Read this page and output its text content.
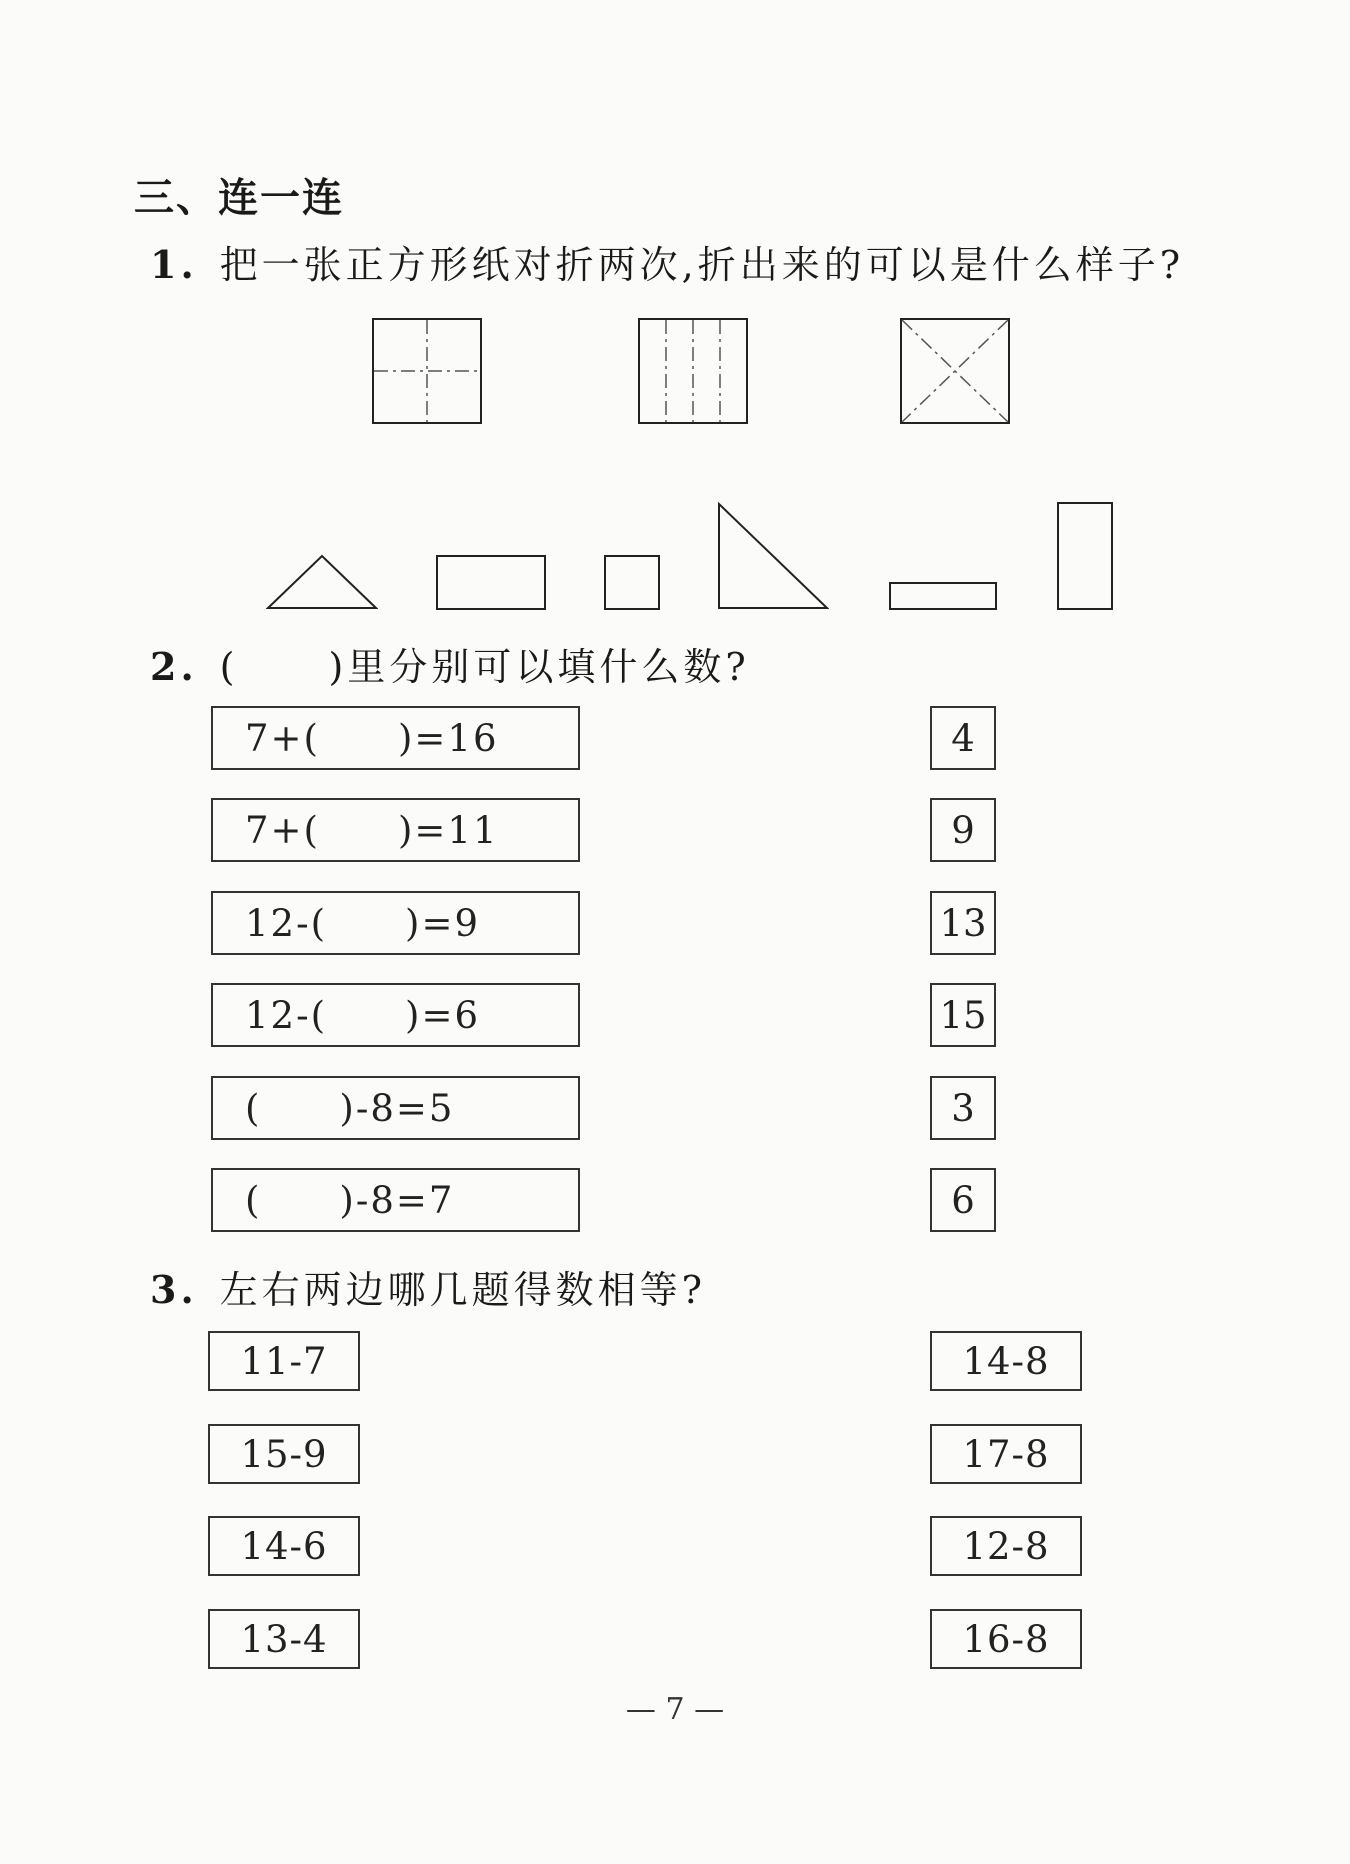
三、连一连

1. 把一张正方形纸对折两次,折出来的可以是什么样子?

2. ( )里分别可以填什么数?

7+(　　)=16
7+(　　)=11
12-(　　)=9
12-(　　)=6
(　　)-8=5
(　　)-8=7
4
9
13
15
3
6

3. 左右两边哪几题得数相等?

11-7
15-9
14-6
13-4
14-8
17-8
12-8
16-8
— 7 —
